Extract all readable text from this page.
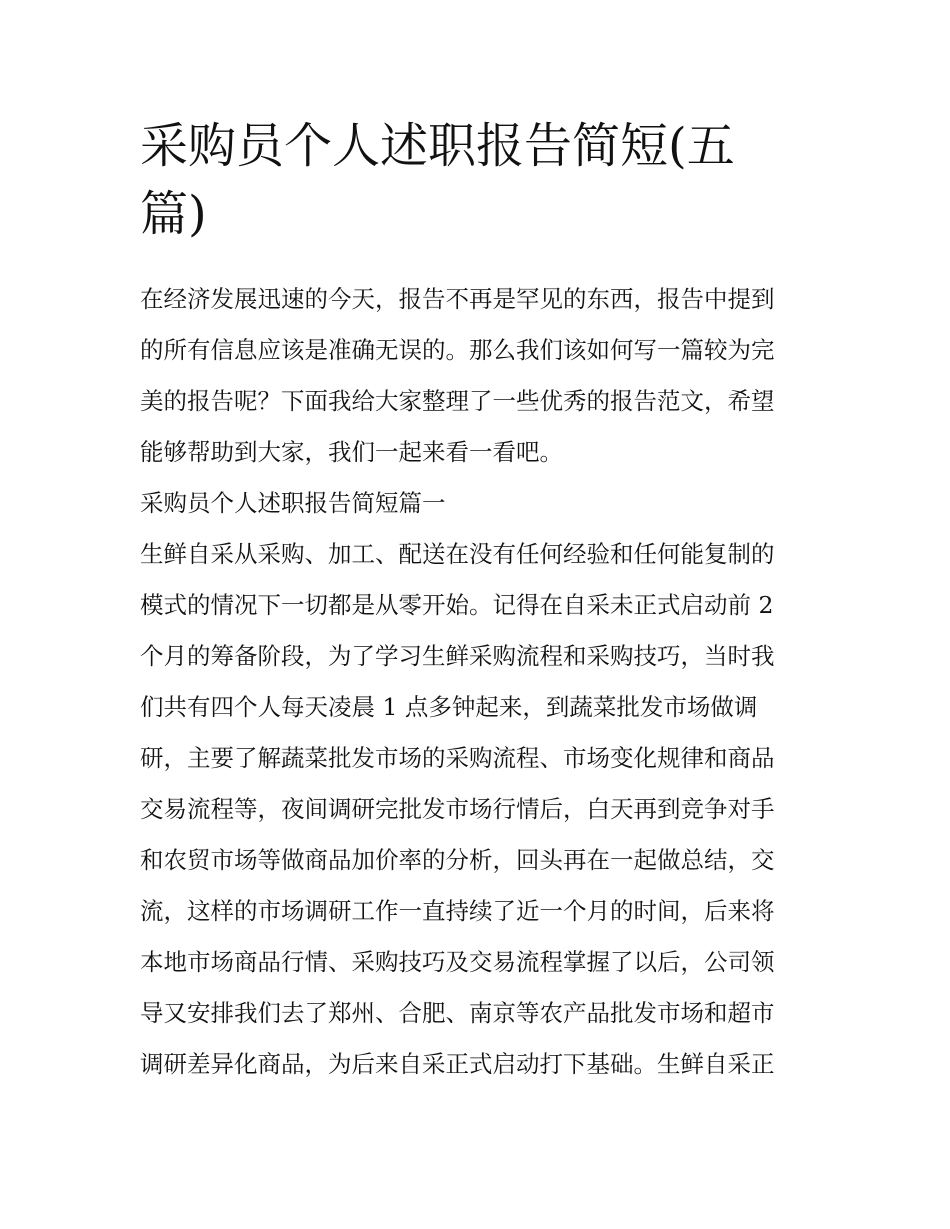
采购员个人述职报告简短(五
篇)

在经济发展迅速的今天，报告不再是罕见的东西，报告中提到

的所有信息应该是准确无误的。那么我们该如何写一篇较为完

美的报告呢？下面我给大家整理了一些优秀的报告范文，希望

能够帮助到大家，我们一起来看一看吧。

采购员个人述职报告简短篇一

生鲜自采从采购、加工、配送在没有任何经验和任何能复制的

模式的情况下一切都是从零开始。记得在自采未正式启动前 2

个月的筹备阶段，为了学习生鲜采购流程和采购技巧，当时我

们共有四个人每天凌晨 1 点多钟起来，到蔬菜批发市场做调

研，主要了解蔬菜批发市场的采购流程、市场变化规律和商品

交易流程等，夜间调研完批发市场行情后，白天再到竞争对手

和农贸市场等做商品加价率的分析，回头再在一起做总结，交

流，这样的市场调研工作一直持续了近一个月的时间，后来将

本地市场商品行情、采购技巧及交易流程掌握了以后，公司领

导又安排我们去了郑州、合肥、南京等农产品批发市场和超市

调研差异化商品，为后来自采正式启动打下基础。生鲜自采正
